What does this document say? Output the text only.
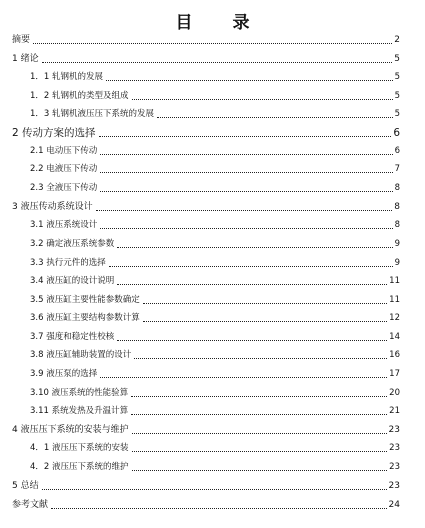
目 录
摘要	2
1 绪论	5
1．1 轧钢机的发展	5
1．2 轧钢机的类型及组成	5
1．3 轧钢机液压压下系统的发展	5
2 传动方案的选择	6
2.1 电动压下传动	6
2.2 电液压下传动	7
2.3 全液压下传动	8
3 液压传动系统设计	8
3.1 液压系统设计	8
3.2 确定液压系统参数	9
3.3 执行元件的选择	9
3.4 液压缸的设计说明	11
3.5 液压缸主要性能参数确定	11
3.6 液压缸主要结构参数计算	12
3.7 强度和稳定性校核	14
3.8 液压缸辅助装置的设计	16
3.9 液压泵的选择	17
3.10 液压系统的性能验算	20
3.11 系统发热及升温计算	21
4 液压压下系统的安装与维护	23
4．1 液压压下系统的安装	23
4．2 液压压下系统的维护	23
5 总结	23
参考文献	24
